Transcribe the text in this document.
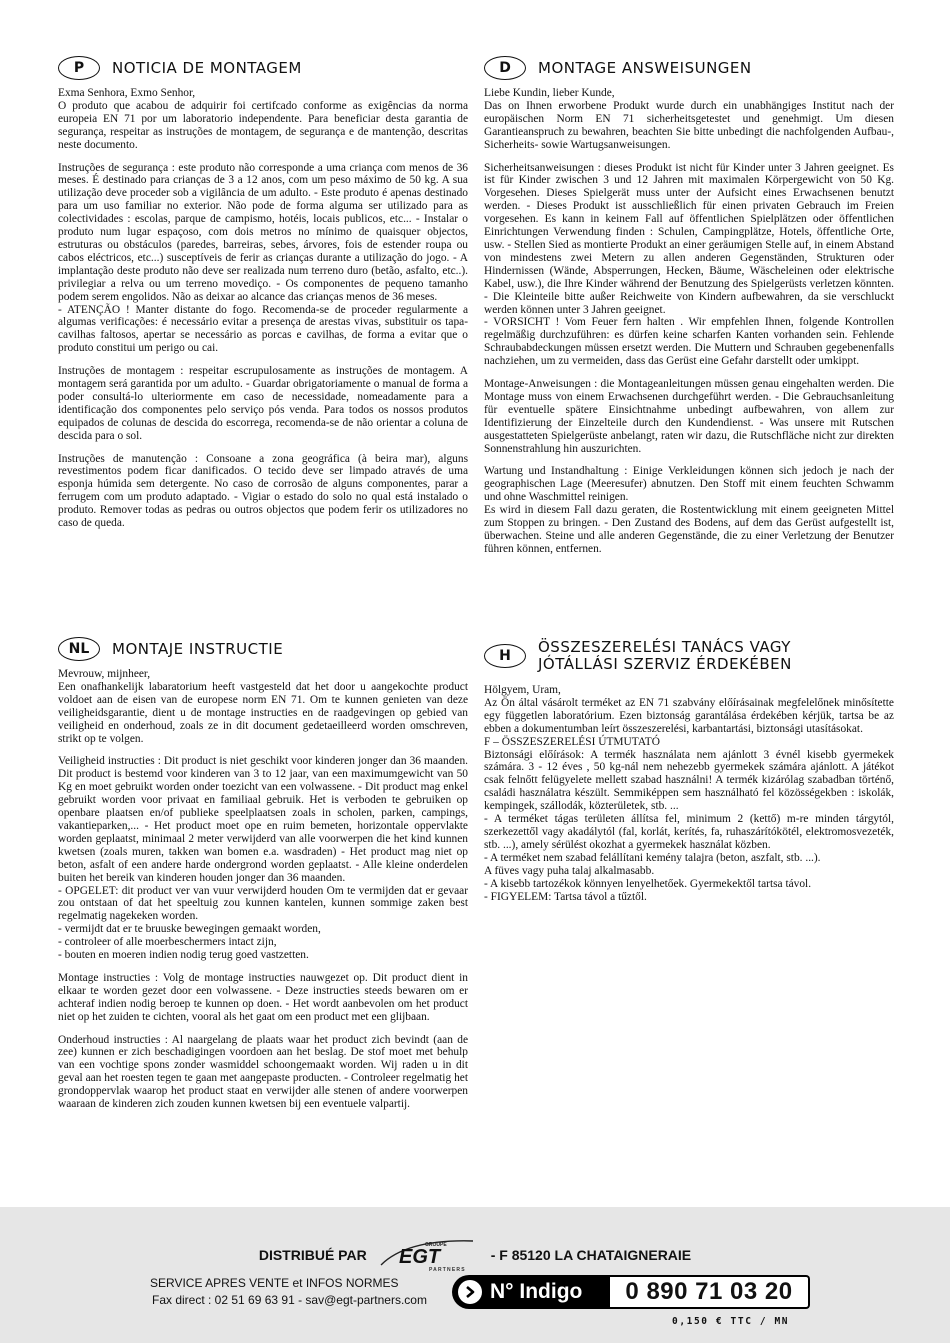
P	NOTICIA DE MONTAGEM

Exma Senhora, Exmo Senhor,
O produto que acabou de adquirir foi certifcado conforme as exigências da norma europeia EN 71 por um laboratorio independente. Para beneficiar desta garantia de segurança, respeitar as instruções de montagem, de segurança e de mantenção, descritas neste documento.

Instruções de segurança : este produto não corresponde a uma criança com menos de 36 meses. É destinado para crianças de 3 a 12 anos, com um peso máximo de 50 kg. A sua utilização deve proceder sob a vigilância de um adulto. - Este produto é apenas destinado para um uso familiar no exterior. Não pode de forma alguma ser utilizado para as colectividades : escolas, parque de campismo, hotéis, locais publicos, etc... - Instalar o produto num lugar espaçoso, com dois metros no mínimo de quaisquer objectos, estruturas ou obstáculos (paredes, barreiras, sebes, árvores, fois de estender roupa ou cabos eléctricos, etc...) susceptíveis de ferir as crianças durante a utilização do jogo. - A implantação deste produto não deve ser realizada num terreno duro (betão, asfalto, etc..). privilegiar a relva ou um terreno movediço. - Os componentes de pequeno tamanho podem serem engolidos. Não as deixar ao alcance das crianças menos de 36 meses.
- ATENÇÃO ! Manter distante do fogo. Recomenda-se de proceder regularmente a algumas verificações: é necessário evitar a presença de arestas vivas, substituir os tapa-cavilhas faltosos, apertar se necessário as porcas e cavilhas, de forma a evitar que o produto constitui um perigo ou cai.

Instruções de montagem : respeitar escrupulosamente as instruções de montagem. A montagem será garantida por um adulto. - Guardar obrigatoriamente o manual de forma a poder consultá-lo ulteriormente em caso de necessidade, nomeadamente para a identificação dos componentes pelo serviço pós venda. Para todos os nossos produtos equipados de colunas de descida do escorrega, recomenda-se de não orientar a coluna de descida para o sol.

Instruções de manutenção : Consoane a zona geográfica (à beira mar), alguns revestimentos podem ficar danificados. O tecido deve ser limpado através de uma esponja húmida sem detergente. No caso de corrosão de alguns componentes, parar a ferrugem com um produto adaptado. - Vigiar o estado do solo no qual está instalado o produto. Remover todas as pedras ou outros objectos que podem ferir os utilizadores no caso de queda.

D	MONTAGE ANSWEISUNGEN

Liebe Kundin, lieber Kunde,
Das on Ihnen erworbene Produkt wurde durch ein unabhängiges Institut nach der europäischen Norm EN 71 sicherheitsgetestet und genehmigt. Um diesen Garantieanspruch zu bewahren, beachten Sie bitte unbedingt die nachfolgenden Aufbau-, Sicherheits- sowie Wartugsanweisungen.

Sicherheitsanweisungen : dieses Produkt ist nicht für Kinder unter 3 Jahren geeignet. Es ist für Kinder zwischen 3 und 12 Jahren mit maximalen Körpergewicht von 50 Kg. Vorgesehen. Dieses Spielgerät muss unter der Aufsicht eines Erwachsenen benutzt werden. - Dieses Produkt ist ausschließlich für einen privaten Gebrauch im Freien vorgesehen. Es kann in keinem Fall auf öffentlichen Spielplätzen oder öffentlichen Einrichtungen Verwendung finden : Schulen, Campingplätze, Hotels, öffentliche Orte, usw. - Stellen Sied as montierte Produkt an einer geräumigen Stelle auf, in einem Abstand von mindestens zwei Metern zu allen anderen Gegenständen, Strukturen oder Hindernissen (Wände, Absperrungen, Hecken, Bäume, Wäscheleinen oder elektrische Kabel, usw.), die Ihre Kinder während der Benutzung des Spielgerüsts verletzen könnten. - Die Kleinteile bitte außer Reichweite von Kindern aufbewahren, da sie verschluckt werden können unter 3 Jahren geeignet.
- VORSICHT ! Vom Feuer fern halten . Wir empfehlen Ihnen, folgende Kontrollen regelmäßig durchzuführen: es dürfen keine scharfen Kanten vorhanden sein. Fehlende Schraubabdeckungen müssen ersetzt werden. Die Muttern und Schrauben gegebenenfalls nachziehen, um zu vermeiden, dass das Gerüst eine Gefahr darstellt oder umkippt.

Montage-Anweisungen : die Montageanleitungen müssen genau eingehalten werden. Die Montage muss von einem Erwachsenen durchgeführt werden. - Die Gebrauchsanleitung für eventuelle spätere Einsichtnahme unbedingt aufbewahren, von allem zur Identifizierung der Einzelteile durch den Kundendienst. - Was unsere mit Rutschen ausgestatteten Spielgerüste anbelangt, raten wir dazu, die Rutschfläche nicht zur direkten Sonnenstrahlung hin auszurichten.

Wartung und Instandhaltung : Einige Verkleidungen können sich jedoch je nach der geographischen Lage (Meeresufer) abnutzen. Den Stoff mit einem feuchten Schwamm und ohne Waschmittel reinigen.
Es wird in diesem Fall dazu geraten, die Rostentwicklung mit einem geeigneten Mittel zum Stoppen zu bringen. - Den Zustand des Bodens, auf dem das Gerüst aufgestellt ist, überwachen. Steine und alle anderen Gegenstände, die zu einer Verletzung der Benutzer führen können, entfernen.

NL	MONTAJE INSTRUCTIE

Mevrouw, mijnheer,
Een onafhankelijk labaratorium heeft vastgesteld dat het door u aangekochte product voldoet aan de eisen van de europese norm EN 71. Om te kunnen genieten van deze veiligheidsgarantie, dient u de montage instructies en de raadgevingen op gebied van veiligheid en onderhoud, zoals ze in dit document gedetaeilleerd worden omschreven, strikt op te volgen.

Veiligheid instructies : Dit product is niet geschikt voor kinderen jonger dan 36 maanden. Dit product is bestemd voor kinderen van 3 to 12 jaar, van een maximumgewicht van 50 Kg en moet gebruikt worden onder toezicht van een volwassene. - Dit product mag enkel gebruikt worden voor privaat en familiaal gebruik. Het is verboden te gebruiken op openbare plaatsen en/of publieke speelplaatsen zoals in scholen, parken, campings, vakantieparken,... - Het product moet ope en ruim bemeten, horizontale oppervlakte worden geplaatst, minimaal 2 meter verwijderd van alle voorwerpen die het kind kunnen kwetsen (zoals muren, takken wan bomen e.a. wasdraden) - Het product mag niet op beton, asfalt of een andere harde ondergrond worden geplaatst. - Alle kleine onderdelen buiten het bereik van kinderen houden jonger dan 36 maanden.
- OPGELET: dit product ver van vuur verwijderd houden Om te vermijden dat er gevaar zou ontstaan of dat het speeltuig zou kunnen kantelen, kunnen sommige zaken best regelmatig nagekeken worden.
- vermijdt dat er te bruuske bewegingen gemaakt worden,
- controleer of alle moerbeschermers intact zijn,
- bouten en moeren indien nodig terug goed vastzetten.

Montage instructies : Volg de montage instructies nauwgezet op. Dit product dient in elkaar te worden gezet door een volwassene. - Deze instructies steeds bewaren om er achteraf indien nodig beroep te kunnen op doen. - Het wordt aanbevolen om het product niet op het zuiden te cichten, vooral als het gaat om een product met een glijbaan.

Onderhoud instructies : Al naargelang de plaats waar het product zich bevindt (aan de zee) kunnen er zich beschadigingen voordoen aan het beslag. De stof moet met behulp van een vochtige spons zonder wasmiddel schoongemaakt worden. Wij raden u in dit geval aan het roesten tegen te gaan met aangepaste producten. - Controleer regelmatig het grondoppervlak waarop het product staat en verwijder alle stenen of andere voorwerpen waaraan de kinderen zich zouden kunnen kwetsen bij een eventuele valpartij.

H	ÖSSZESZERELÉSI TANÁCS VAGY
JÓTÁLLÁSI SZERVIZ ÉRDEKÉBEN

Hölgyem, Uram,
Az Ön által vásárolt terméket az EN 71 szabvány előírásainak megfelelőnek minősítette egy független laboratórium. Ezen biztonság garantálása érdekében kérjük, tartsa be az ebben a dokumentumban leírt összeszerelési, karbantartási, biztonsági utasításokat.
F – ÖSSZESZERELÉSI ÚTMUTATÓ
Biztonsági előírások: A termék használata nem ajánlott 3 évnél kisebb gyermekek számára. 3 - 12 éves , 50 kg-nál nem nehezebb gyermekek számára ajánlott. A játékot csak felnőtt felügyelete mellett szabad használni! A termék kizárólag szabadban történő, családi használatra készült. Semmiképpen sem használható fel közösségekben : iskolák, kempingek, szállodák, közterületek, stb. ...
- A terméket tágas területen állítsa fel, minimum 2 (kettő) m-re minden tárgytól, szerkezettől vagy akadálytól (fal, korlát, kerítés, fa, ruhaszárítókötél, elektromosvezeték, stb. ...), amely sérülést okozhat a gyermekek használat közben.
- A terméket nem szabad felállítani kemény talajra (beton, aszfalt, stb. ...).
A füves vagy puha talaj alkalmasabb.
- A kisebb tartozékok könnyen lenyelhetőek. Gyermekektől tartsa távol.
- FIGYELEM: Tartsa távol a tűztől.

DISTRIBUÉ PAR
GROUPE
EGT
PARTNERS
- F 85120 LA CHATAIGNERAIE
SERVICE APRES VENTE et INFOS NORMES
Fax direct : 02 51 69 63 91 - sav@egt-partners.com	N° Indigo	0 890 71 03 20
0,150 € TTC / MN
